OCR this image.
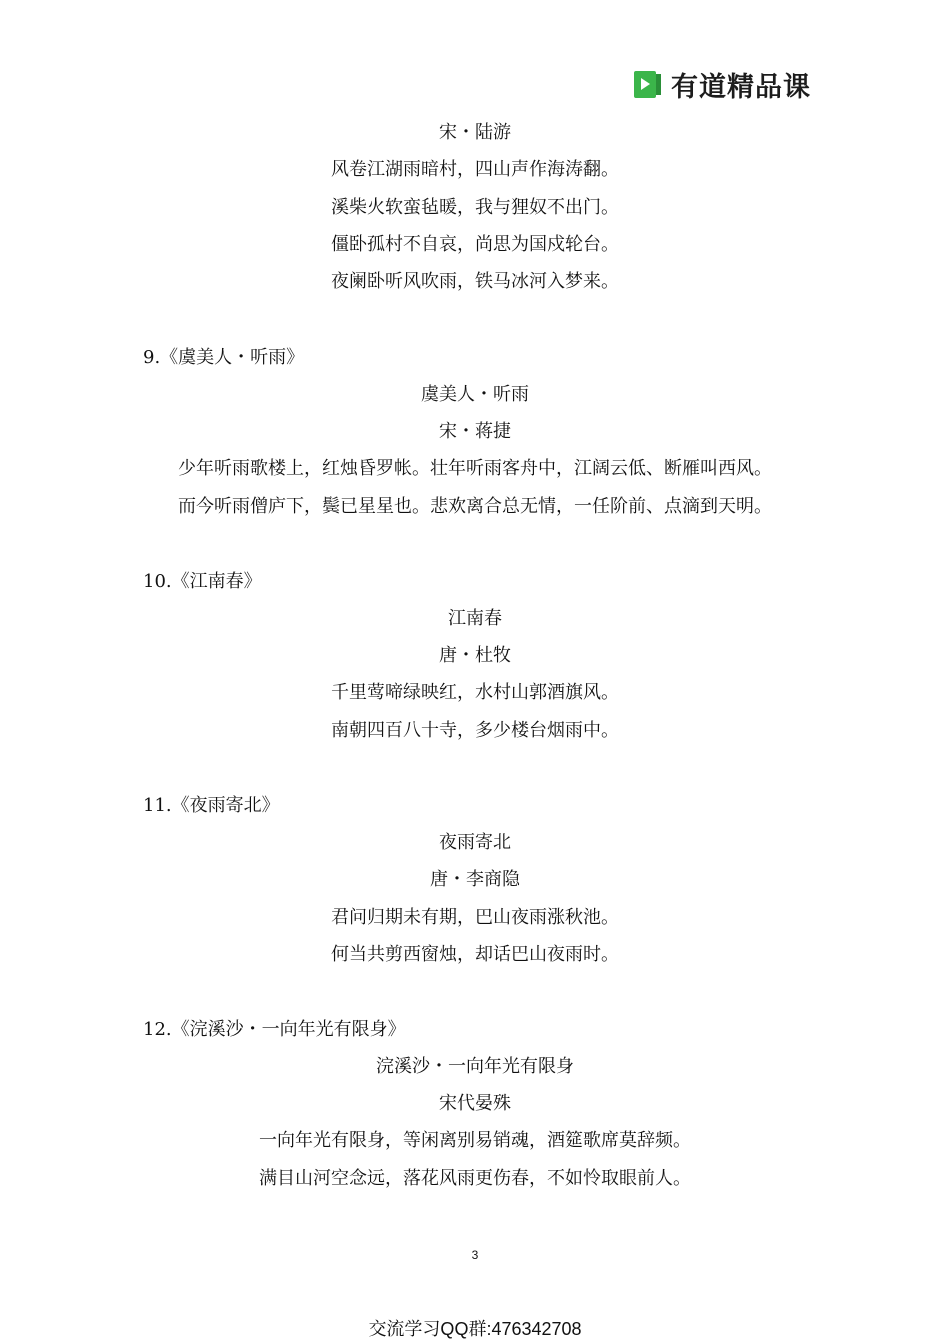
有道精品课
宋・陆游
风卷江湖雨暗村，四山声作海涛翻。
溪柴火软蛮毡暖，我与狸奴不出门。
僵卧孤村不自哀，尚思为国戍轮台。
夜阑卧听风吹雨，铁马冰河入梦来。
9.《虞美人・听雨》
虞美人・听雨
宋・蒋捷
少年听雨歌楼上，红烛昏罗帐。壮年听雨客舟中，江阔云低、断雁叫西风。
而今听雨僧庐下，鬓已星星也。悲欢离合总无情，一任阶前、点滴到天明。
10.《江南春》
江南春
唐・杜牧
千里莺啼绿映红，水村山郭酒旗风。
南朝四百八十寺，多少楼台烟雨中。
11.《夜雨寄北》
夜雨寄北
唐・李商隐
君问归期未有期，巴山夜雨涨秋池。
何当共剪西窗烛，却话巴山夜雨时。
12.《浣溪沙・一向年光有限身》
浣溪沙・一向年光有限身
宋代晏殊
一向年光有限身，等闲离别易销魂，酒筵歌席莫辞频。
满目山河空念远，落花风雨更伤春，不如怜取眼前人。
3
交流学习QQ群:476342708
